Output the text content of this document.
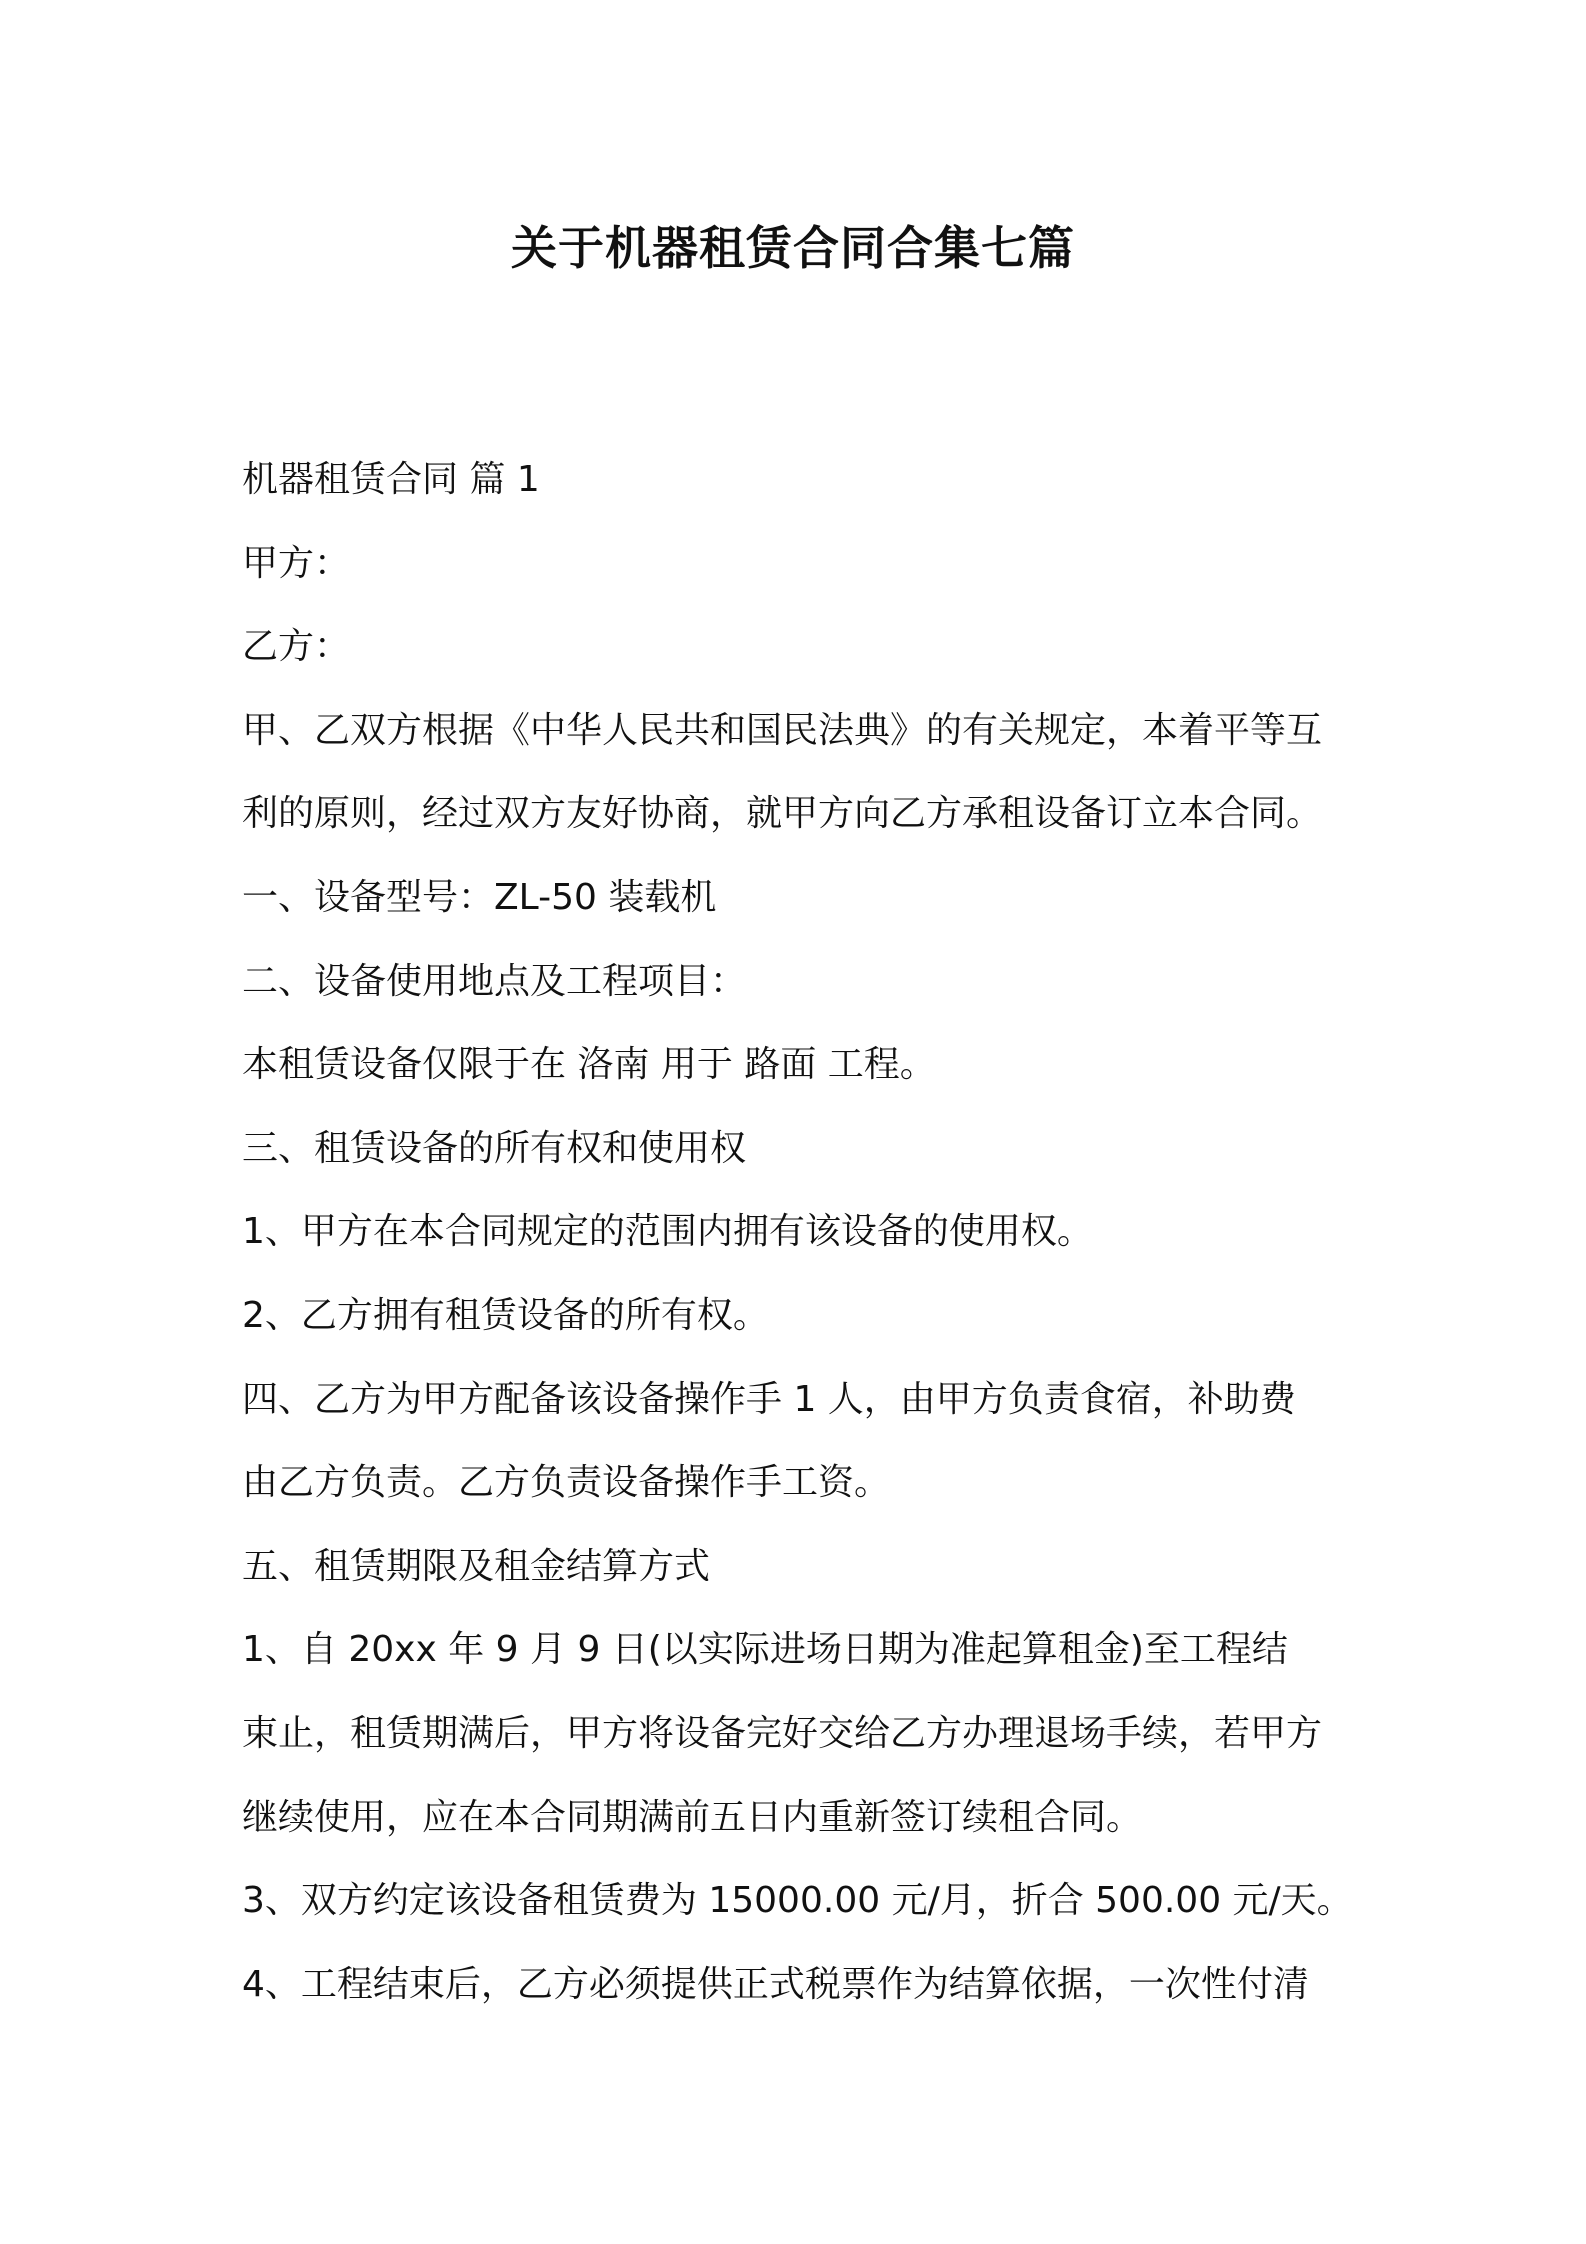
关于机器租赁合同合集七篇

机器租赁合同 篇 1

甲方：

乙方：

甲、乙双方根据《中华人民共和国民法典》的有关规定，本着平等互

利的原则，经过双方友好协商，就甲方向乙方承租设备订立本合同。

一、设备型号：ZL-50 装载机

二、设备使用地点及工程项目：

本租赁设备仅限于在 洛南 用于 路面 工程。

三、租赁设备的所有权和使用权

1、甲方在本合同规定的范围内拥有该设备的使用权。

2、乙方拥有租赁设备的所有权。

四、乙方为甲方配备该设备操作手 1 人，由甲方负责食宿，补助费

由乙方负责。乙方负责设备操作手工资。

五、租赁期限及租金结算方式

1、自 20xx 年 9 月 9 日(以实际进场日期为准起算租金)至工程结

束止，租赁期满后，甲方将设备完好交给乙方办理退场手续，若甲方

继续使用，应在本合同期满前五日内重新签订续租合同。

3、双方约定该设备租赁费为 15000.00 元/月，折合 500.00 元/天。

4、工程结束后，乙方必须提供正式税票作为结算依据，一次性付清
